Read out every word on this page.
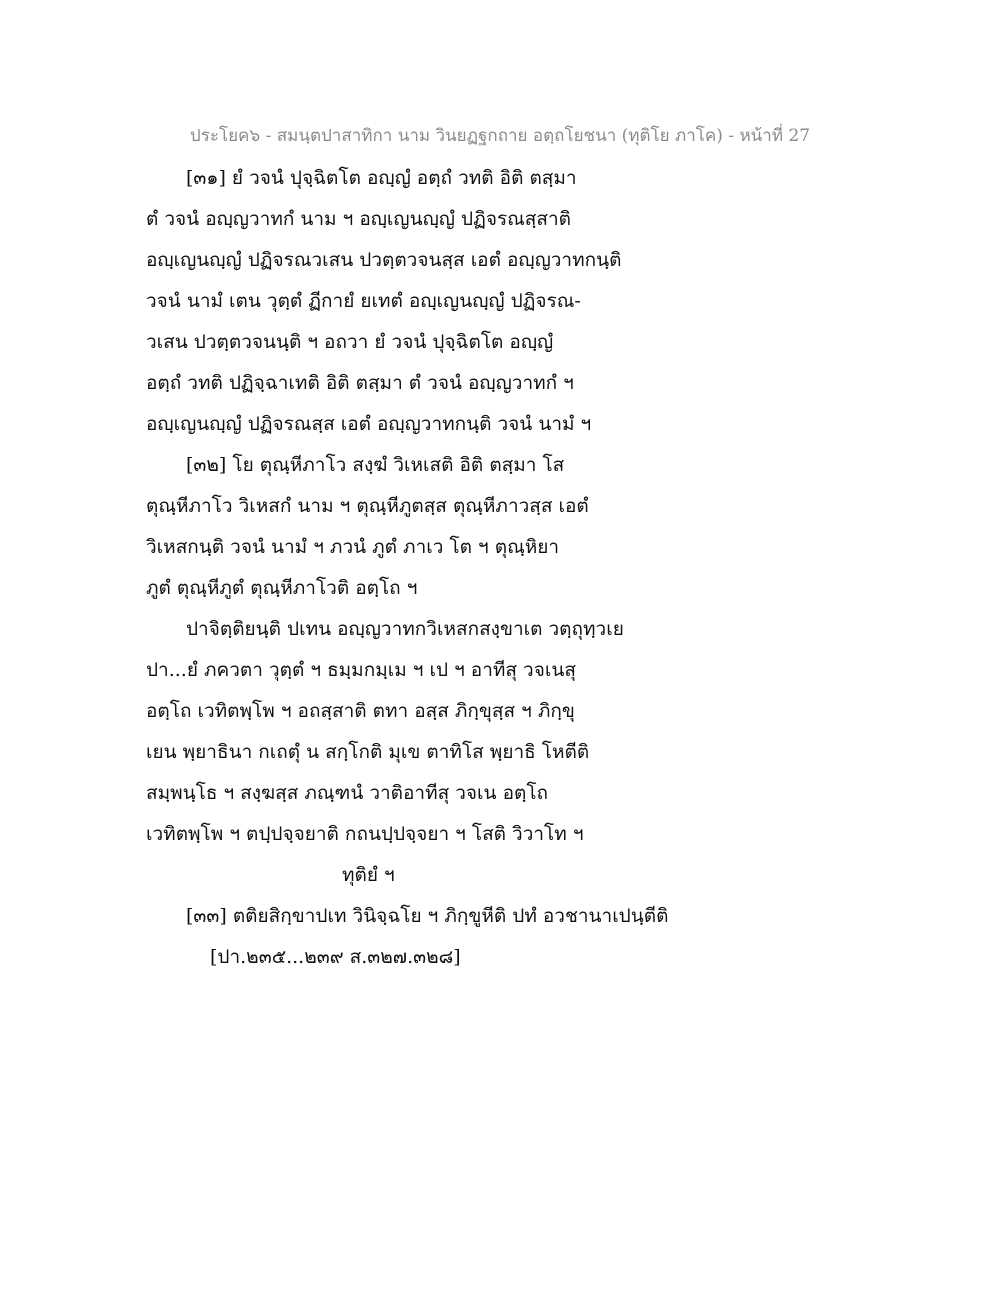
ประโยค๖ - สมนฺตปาสาทิกา นาม วินยฏฐกถาย อตฺถโยชนา (ทุติโย ภาโค) - หน้าที่ 27
[๓๑] ยํ วจนํ ปุจฺฉิตโต อญฺญํ อตฺถํ วทติ อิติ ตสฺมา
ตํ วจนํ อญฺญวาทกํ นาม ฯ อญฺเญนญฺญํ ปฏิจรณสฺสาติ
อญฺเญนญฺญํ ปฏิจรณวเสน ปวตฺตวจนสฺส เอตํ อญฺญวาทกนฺติ
วจนํ นามํ เตน วุตฺตํ ฏีกายํ ยเทตํ อญฺเญนญฺญํ ปฏิจรณ-
วเสน ปวตฺตวจนนฺติ ฯ อถวา ยํ วจนํ ปุจฺฉิตโต อญฺญํ
อตฺถํ วทติ ปฏิจฺฉาเทติ อิติ ตสฺมา ตํ วจนํ อญฺญวาทกํ ฯ
อญฺเญนญฺญํ ปฏิจรณสฺส เอตํ อญฺญวาทกนฺติ วจนํ นามํ ฯ
[๓๒] โย ตุณฺหีภาโว สงฺฆํ วิเหเสติ อิติ ตสฺมา โส
ตุณฺหีภาโว วิเหสกํ นาม ฯ ตุณฺหีภูตสฺส ตุณฺหีภาวสฺส เอตํ
วิเหสกนฺติ วจนํ นามํ ฯ ภวนํ ภูตํ ภาเว โต ฯ ตุณฺหิยา
ภูตํ ตุณฺหีภูตํ ตุณฺหีภาโวติ อตฺโถ ฯ
ปาจิตฺติยนฺติ ปเทน อญฺญวาทกวิเหสกสงฺขาเต วตฺถุทฺวเย
ปา...ยํ ภควตา วุตฺตํ ฯ ธมฺมกมฺเม ฯ เป ฯ อาทีสุ วจเนสุ
อตฺโถ เวทิตพฺโพ ฯ อถสฺสาติ ตทา อสฺส ภิกฺขุสฺส ฯ ภิกฺขุ
เยน พฺยาธินา กเถตุํ น สกฺโกติ มุเข ตาทิโส พฺยาธิ โหตีติ
สมฺพนฺโธ ฯ สงฺฆสฺส ภณฺฑนํ วาติอาทีสุ วจเน อตฺโถ
เวทิตพฺโพ ฯ ตปฺปจฺจยาติ กถนปฺปจฺจยา ฯ โสติ วิวาโท ฯ
ทุติยํ ฯ
[๓๓] ตติยสิกฺขาปเท วินิจฺฉโย ฯ ภิกฺขูหีติ ปทํ อวชานาเปนฺตีติ
[ปา.๒๓๕...๒๓๙ ส.๓๒๗.๓๒๘]
